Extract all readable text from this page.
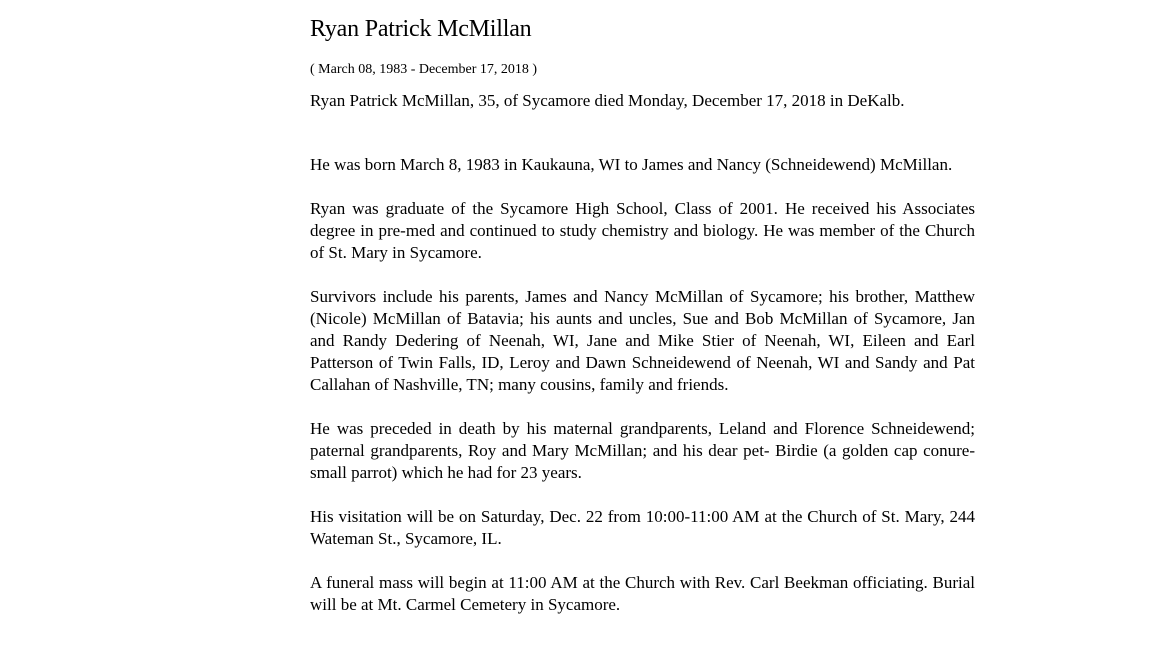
Ryan Patrick McMillan

( March 08, 1983 - December 17, 2018 )

Ryan Patrick McMillan, 35, of Sycamore died Monday, December 17, 2018 in DeKalb.

He was born March 8, 1983 in Kaukauna, WI to James and Nancy (Schneidewend) McMillan.

Ryan was graduate of the Sycamore High School, Class of 2001. He received his Associates degree in pre-med and continued to study chemistry and biology. He was member of the Church of St. Mary in Sycamore.

Survivors include his parents, James and Nancy McMillan of Sycamore; his brother, Matthew (Nicole) McMillan of Batavia; his aunts and uncles, Sue and Bob McMillan of Sycamore, Jan and Randy Dedering of Neenah, WI, Jane and Mike Stier of Neenah, WI, Eileen and Earl Patterson of Twin Falls, ID, Leroy and Dawn Schneidewend of Neenah, WI and Sandy and Pat Callahan of Nashville, TN; many cousins, family and friends.

He was preceded in death by his maternal grandparents, Leland and Florence Schneidewend; paternal grandparents, Roy and Mary McMillan; and his dear pet- Birdie (a golden cap conure- small parrot) which he had for 23 years.

His visitation will be on Saturday, Dec. 22 from 10:00-11:00 AM at the Church of St. Mary, 244 Wateman St., Sycamore, IL.

A funeral mass will begin at 11:00 AM at the Church with Rev. Carl Beekman officiating. Burial will be at Mt. Carmel Cemetery in Sycamore.
